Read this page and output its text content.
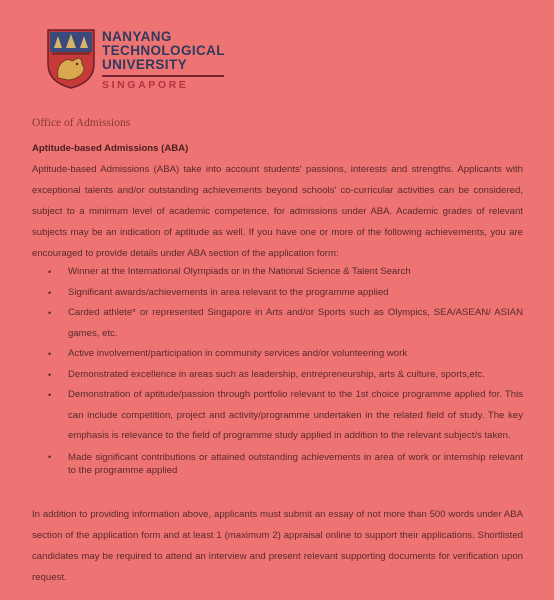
NANYANG
TECHNOLOGICAL
UNIVERSITY
SINGAPORE
Office of Admissions
Aptitude-based Admissions (ABA)
Aptitude-based Admissions (ABA) take into account students' passions, interests and strengths. Applicants with exceptional talents and/or outstanding achievements beyond schools' co-curricular activities can be considered, subject to a minimum level of academic competence, for admissions under ABA. Academic grades of relevant subjects may be an indication of aptitude as well. If you have one or more of the following achievements, you are encouraged to provide details under ABA section of the application form:
• Winner at the International Olympiads or in the National Science & Talent Search
• Significant awards/achievements in area relevant to the programme applied
• Carded athlete* or represented Singapore in Arts and/or Sports such as Olympics, SEA/ASEAN/ ASIAN games, etc.
• Active involvement/participation in community services and/or volunteering work
• Demonstrated excellence in areas such as leadership, entrepreneurship, arts & culture, sports,etc.
• Demonstration of aptitude/passion through portfolio relevant to the 1st choice programme applied for. This can include competition, project and activity/programme undertaken in the related field of study. The key emphasis is relevance to the field of programme study applied in addition to the relevant subject/s taken.
• Made significant contributions or attained outstanding achievements in area of work or internship relevant to the programme applied
In addition to providing information above, applicants must submit an essay of not more than 500 words under ABA section of the application form and at least 1 (maximum 2) appraisal online to support their applications. Shortlisted candidates may be required to attend an interview and present relevant supporting documents for verification upon request.
